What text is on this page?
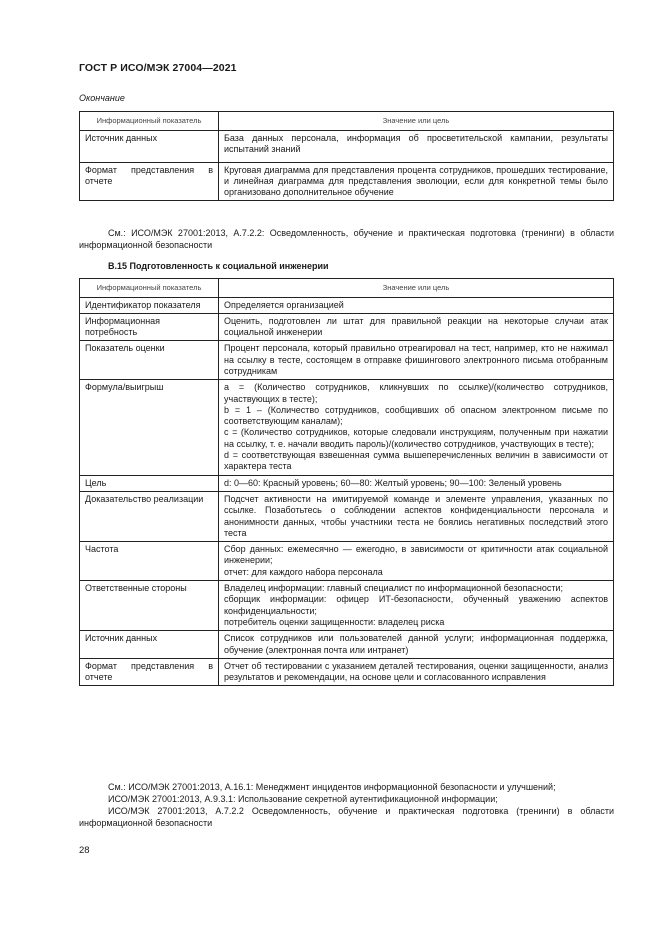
ГОСТ Р ИСО/МЭК 27004—2021
Окончание
Информационный показатель	Значение или цель
Источник данных	База данных персонала, информация об просветительской кампании, результаты испытаний знаний
Формат представления в отчете	Круговая диаграмма для представления процента сотрудников, прошедших тестирование, и линейная диаграмма для представления эволюции, если для конкретной темы было организовано дополнительное обучение

См.: ИСО/МЭК 27001:2013, А.7.2.2: Осведомленность, обучение и практическая подготовка (тренинги) в области информационной безопасности

В.15 Подготовленность к социальной инженерии
Информационный показатель	Значение или цель
Идентификатор показателя	Определяется организацией

Информационная потребность	Оценить, подготовлен ли штат для правильной реакции на некоторые случаи атак социальной инженерии

Показатель оценки	Процент персонала, который правильно отреагировал на тест, например, кто не нажимал на ссылку в тесте, состоящем в отправке фишингового электронного письма отобранным сотрудникам

Формула/выигрыш	а = (Количество сотрудников, кликнувших по ссылке)/(количество сотрудников, участвующих в тесте);
b = 1 – (Количество сотрудников, сообщивших об опасном электронном письме по соответствующим каналам);
с = (Количество сотрудников, которые следовали инструкциям, полученным при нажатии на ссылку, т. е. начали вводить пароль)/(количество сотрудников, участвующих в тесте);
d = соответствующая взвешенная сумма вышеперечисленных величин в зависимости от характера теста

Цель	d: 0—60: Красный уровень; 60—80: Желтый уровень; 90—100: Зеленый уровень

Доказательство реализации	Подсчет активности на имитируемой команде и элементе управления, указанных по ссылке. Позаботьтесь о соблюдении аспектов конфиденциальности персонала и анонимности данных, чтобы участники теста не боялись негативных последствий этого теста

Частота	Сбор данных: ежемесячно — ежегодно, в зависимости от критичности атак социальной инженерии;
отчет: для каждого набора персонала

Ответственные стороны	Владелец информации: главный специалист по информационной безопасности;
сборщик информации: офицер ИТ-безопасности, обученный уважению аспектов конфиденциальности;
потребитель оценки защищенности: владелец риска

Источник данных	Список сотрудников или пользователей данной услуги; информационная поддержка, обучение (электронная почта или интранет)

Формат представления в отчете	Отчет об тестировании с указанием деталей тестирования, оценки защищенности, анализ результатов и рекомендации, на основе цели и согласованного исправления

См.: ИСО/МЭК 27001:2013, А.16.1: Менеджмент инцидентов информационной безопасности и улучшений;

ИСО/МЭК 27001:2013, А.9.3.1: Использование секретной аутентификационной информации;

ИСО/МЭК 27001:2013, А.7.2.2 Осведомленность, обучение и практическая подготовка (тренинги) в области информационной безопасности

28
